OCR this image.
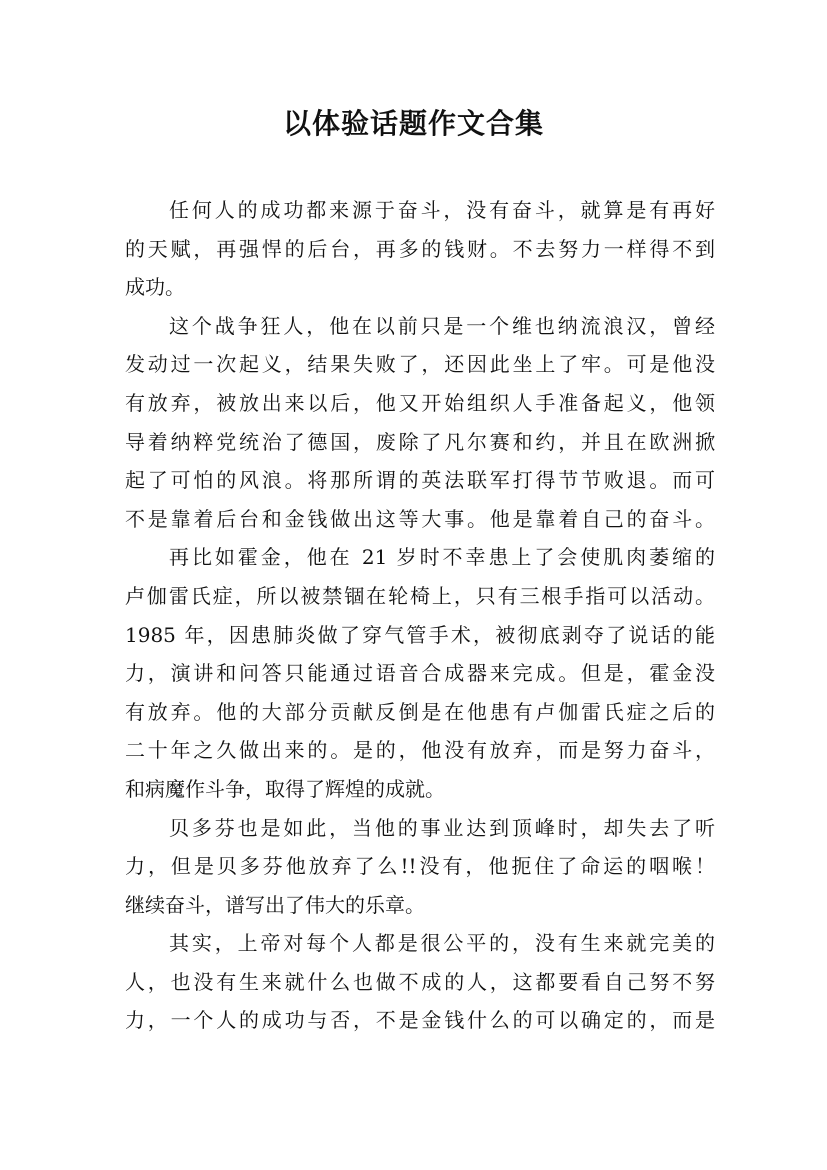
以体验话题作文合集
任何人的成功都来源于奋斗，没有奋斗，就算是有再好
的天赋，再强悍的后台，再多的钱财。不去努力一样得不到
成功。
这个战争狂人，他在以前只是一个维也纳流浪汉，曾经
发动过一次起义，结果失败了，还因此坐上了牢。可是他没
有放弃，被放出来以后，他又开始组织人手准备起义，他领
导着纳粹党统治了德国，废除了凡尔赛和约，并且在欧洲掀
起了可怕的风浪。将那所谓的英法联军打得节节败退。而可
不是靠着后台和金钱做出这等大事。他是靠着自己的奋斗。
再比如霍金，他在 21 岁时不幸患上了会使肌肉萎缩的
卢伽雷氏症，所以被禁锢在轮椅上，只有三根手指可以活动。
1985 年，因患肺炎做了穿气管手术，被彻底剥夺了说话的能
力，演讲和问答只能通过语音合成器来完成。但是，霍金没
有放弃。他的大部分贡献反倒是在他患有卢伽雷氏症之后的
二十年之久做出来的。是的，他没有放弃，而是努力奋斗，
和病魔作斗争，取得了辉煌的成就。
贝多芬也是如此，当他的事业达到顶峰时，却失去了听
力，但是贝多芬他放弃了么!!没有，他扼住了命运的咽喉！
继续奋斗，谱写出了伟大的乐章。
其实，上帝对每个人都是很公平的，没有生来就完美的
人，也没有生来就什么也做不成的人，这都要看自己努不努
力，一个人的成功与否，不是金钱什么的可以确定的，而是
